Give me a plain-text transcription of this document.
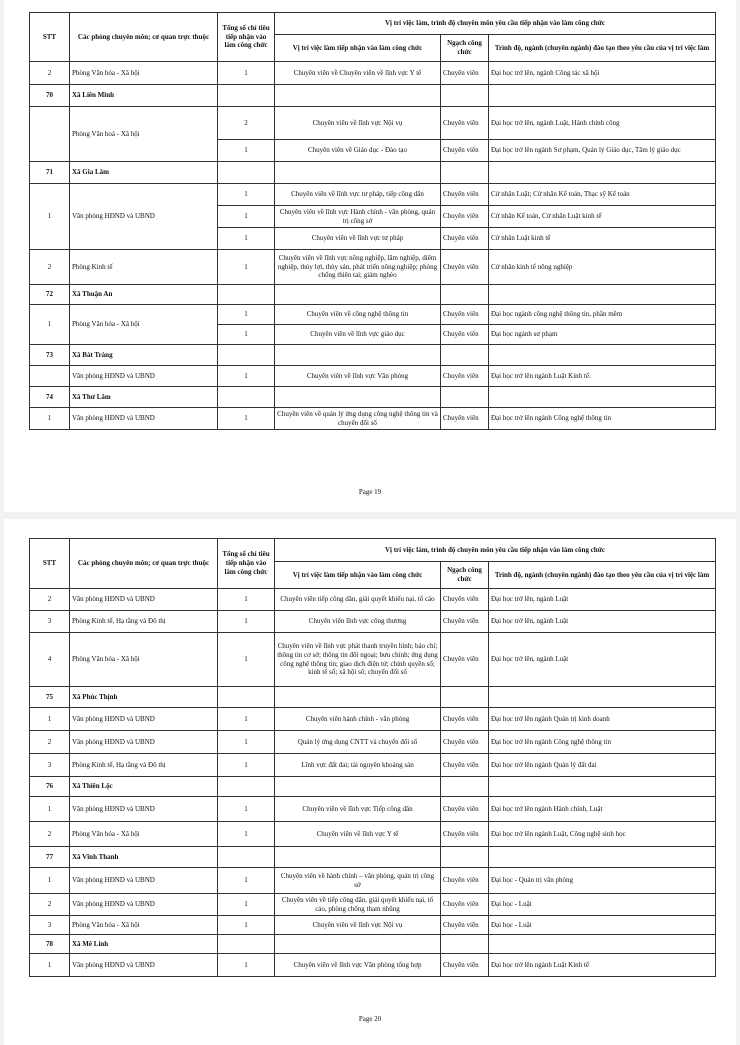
STT	Các phòng chuyên môn; cơ quan trực thuộc	Tổng số chỉ tiêu tiếp nhận vào làm công chức	Vị trí việc làm, trình độ chuyên môn yêu cầu tiếp nhận vào làm công chức		
			Vị trí việc làm tiếp nhận vào làm công chức	Ngạch công chức	Trình độ, ngành (chuyên ngành) đào tạo theo yêu cầu của vị trí việc làm
2	Phòng Văn hóa - Xã hội	1	Chuyên viên về Chuyên viên về lĩnh vực Y tế	Chuyên viên	Đại học trở lên, ngành Công tác xã hội
70	Xã Liên Minh				
	Phòng Văn hoá - Xã hội	2	Chuyên viên về lĩnh vực Nội vụ	Chuyên viên	Đại học trở lên, ngành Luật, Hành chính công
		1	Chuyên viên về Giáo dục - Đào tạo	Chuyên viên	Đại học trở lên ngành Sư phạm, Quản lý Giáo dục, Tâm lý giáo dục
71	Xã Gia Lâm				
1	Văn phòng HĐND và UBND	1	Chuyên viên về lĩnh vực tư pháp, tiếp công dân	Chuyên viên	Cử nhân Luật; Cử nhân Kế toán, Thạc sỹ Kế toán
		1	Chuyên viên về lĩnh vực Hành chính - văn phòng, quản trị công sở	Chuyên viên	Cử nhân Kế toán, Cử nhân Luật kinh tế
		1	Chuyên viên về lĩnh vực tư pháp	Chuyên viên	Cử nhân Luật kinh tế
2	Phòng Kinh tế	1	Chuyên viên về lĩnh vực nông nghiệp, lâm nghiệp, diêm nghiệp, thủy lợi, thủy sản, phát triển nông nghiệp; phòng chống thiên tai; giảm nghèo	Chuyên viên	Cử nhân kinh tế nông nghiệp
72	Xã Thuận An				
1	Phòng Văn hóa - Xã hội	1	Chuyên viên về công nghệ thông tin	Chuyên viên	Đại học ngành công nghệ thông tin, phần mềm
		1	Chuyên viên về lĩnh vực giáo dục	Chuyên viên	Đại học ngành sư phạm
73	Xã Bát Tràng				
	Văn phòng HĐND và UBND	1	Chuyên viên về lĩnh vực Văn phòng	Chuyên viên	Đại học trở lên ngành Luật Kinh tế.
74	Xã Thư Lâm				
1	Văn phòng HĐND và UBND	1	Chuyên viên về quản lý ứng dụng công nghệ thông tin và chuyển đổi số	Chuyên viên	Đại học trở lên ngành Công nghệ thông tin
Page 19
STT	Các phòng chuyên môn; cơ quan trực thuộc	Tổng số chỉ tiêu tiếp nhận vào làm công chức	Vị trí việc làm, trình độ chuyên môn yêu cầu tiếp nhận vào làm công chức		
			Vị trí việc làm tiếp nhận vào làm công chức	Ngạch công chức	Trình độ, ngành (chuyên ngành) đào tạo theo yêu cầu của vị trí việc làm
2	Văn phòng HĐND và UBND	1	Chuyên viên tiếp công dân, giải quyết khiếu nại, tố cáo	Chuyên viên	Đại học trở lên, ngành Luật
3	Phòng Kinh tế, Hạ tầng và Đô thị	1	Chuyên viên lĩnh vực công thương	Chuyên viên	Đại học trở lên, ngành Luật
4	Phòng Văn hóa - Xã hội	1	Chuyên viên về lĩnh vực phát thanh truyền hình; báo chí; thông tin cơ sở; thông tin đối ngoại; bưu chính; ứng dụng công nghệ thông tin; giao dịch điện tử; chính quyền số; kinh tế số; xã hội số; chuyển đổi số	Chuyên viên	Đại học trở lên, ngành Luật
75	Xã Phúc Thịnh				
1	Văn phòng HĐND và UBND	1	Chuyên viên hành chính - văn phòng	Chuyên viên	Đại học trở lên ngành Quản trị kinh doanh
2	Văn phòng HĐND và UBND	1	Quản lý ứng dụng CNTT và chuyển đổi số	Chuyên viên	Đại học trở lên ngành Công nghệ thông tin
3	Phòng Kinh tế, Hạ tầng và Đô thị	1	Lĩnh vực đất đai; tài nguyên khoáng sản	Chuyên viên	Đại học trở lên ngành Quản lý đất đai
76	Xã Thiên Lộc				
1	Văn phòng HĐND và UBND	1	Chuyên viên về lĩnh vực Tiếp công dân	Chuyên viên	Đại học trở lên ngành Hành chính, Luật
2	Phòng Văn hóa - Xã hội	1	Chuyên viên về lĩnh vực Y tế	Chuyên viên	Đại học trở lên ngành Luật, Công nghệ sinh học
77	Xã Vĩnh Thanh				
1	Văn phòng HĐND và UBND	1	Chuyên viên về hành chính – văn phòng, quản trị công sở	Chuyên viên	Đại học - Quản trị văn phòng
2	Văn phòng HĐND và UBND	1	Chuyên viên về tiếp công dân, giải quyết khiếu nại, tố cáo, phòng chống tham nhũng	Chuyên viên	Đại học - Luật
3	Phòng Văn hóa - Xã hội	1	Chuyên viên về lĩnh vực Nội vụ	Chuyên viên	Đại học - Luật
78	Xã Mê Linh				
1	Văn phòng HĐND và UBND	1	Chuyên viên về lĩnh vực Văn phòng tổng hợp	Chuyên viên	Đại học trở lên ngành Luật Kinh tế
Page 20
